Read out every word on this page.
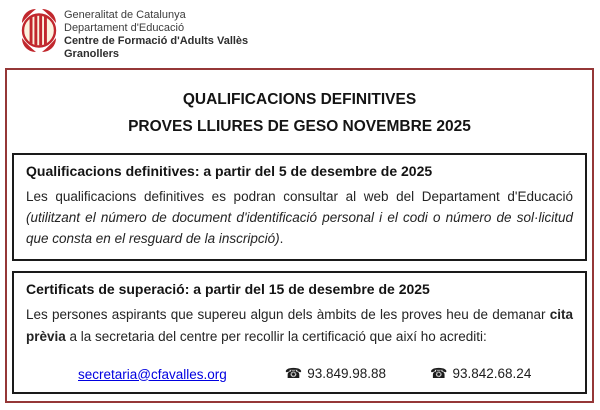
Generalitat de Catalunya
Departament d'Educació
Centre de Formació d'Adults Vallès
Granollers
QUALIFICACIONS DEFINITIVES
PROVES LLIURES DE GESO NOVEMBRE 2025
Qualificacions definitives: a partir del 5 de desembre de 2025

Les qualificacions definitives es podran consultar al web del Departament d'Educació (utilitzant el número de document d'identificació personal i el codi o número de sol·licitud que consta en el resguard de la inscripció).

Certificats de superació: a partir del 15 de desembre de 2025

Les persones aspirants que supereu algun dels àmbits de les proves heu de demanar cita prèvia a la secretaria del centre per recollir la certificació que així ho acrediti:

secretaria@cfavalles.org	☎ 93.849.98.88	☎ 93.842.68.24
